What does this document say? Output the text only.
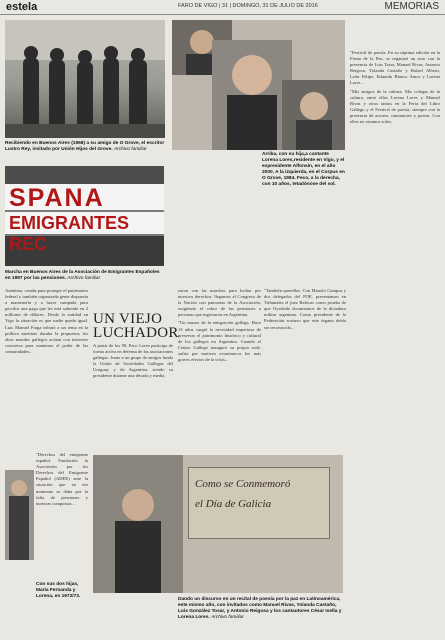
estela	FARO DE VIGO | 31 | DOMINGO, 31 DE JULIO DE 2016	MEMORIAS
Recibiendo en Buenos Aires (1968) a su amigo de O Grove, el escritor Lustro Rey, invitado por Unión Hijos del Grove. Archivo familiar
Arriba, con su hija,a cantante Lorena Lores,residente en Vigo, y el expresidente Alfonsín, en el año 2000. A la izquierda, en el Corpus en O Grove, 1984. Feco, a la derecha, con 10 años, tetadónose del sol.
SPANA
EMIGRANTES REC
Marcha en Buenos Aires de la Asociación de Emigrantes Españoles en 1997 por las pensiones. Archivo familiar

Anónima, creada para proteger el patrimonio federal y también organizada gente dispuesta a mantenerla y a hacer campaña para percibir una paga que les está saliendo en 2 millones de dólares. Desde la entidad en Vigo la situación es que nadie queda igual. Luis Manuel Fraga tributó a un tema en la política mientras duraba la propuesta; los altos mandos gallegos actúan con intereses concretos para mantener el poder de las comunidades...

"Derechos del emigrante español. Fundación la Asociación por los Derechos del Emigrante Español (ADEE) ante la situación que en ese momento se daba por la falta de pensiones y nuestras conquistas...

Con sus dos hijas, María Fernanda y Lorena, en 1972/73.
UN VIEJO
LUCHADOR

A partir de los 90, Paco Lores participa de forma activa en defensa de las asociaciones gallegas. Junto a un grupo de amigos funda la Unión de Sociedades Gallegas del Uruguay y de Argentina, siendo su presidente durante una década y media.

zaron con las marchas para luchar por nuestros derechos: llegamos al Congreso de la Nación con pancartas de la Asociación, exigiendo el cobro de las pensiones a personas que ingresaron en Argentina.

"Un museo de la emigración gallega. Hace 13 años surgió la necesidad imperiosa de preservar el patrimonio histórico y cultural de los gallegos en Argentina. Cuando el Centro Gallego inauguró su propia sede, sufría por motivos económicos los más graves efectos de la crisis...

"También querellas. Con Manolo Campos y dos delegados del POE, presentamos en Tribunales el juez Rafecas como prueba de que Oyarbide documentos de la dictadura militar argentina. Como presidente de la Federación sostuvo que este órgano debía ser reconocido...

"Festival de poesía. En su séptima edición en la Fiesta de la Paz, se organizó un acto con la presencia de Luis Tosar, Manuel Rivas, Antonio Reigosa, Yolanda Castaño y Rafael Alberti, León Felipe, Eduardo Blanco Amor y Lorena Lores...

"Mis amigos de la cultura. Mis colegas de la cultura, entre ellos Lorena Lores y Manuel Rivas y otros tantos en la Feria del Libro Gallego y el Festival de poesía, siempre con la presencia de actores, cantautores y poetas. Con ellos no estamos solos.

Como se Conmemoró
el Día de Galicia
Dando un discurso en un recital de poesía por la paz en Latinoamérica, este mismo año, con invitados como Manuel Rivas, Yolanda Castaño, Luis González Tosar, y Antonio Reigosa y los cantautores César Isella y Lorena Lores. Archivo familiar
